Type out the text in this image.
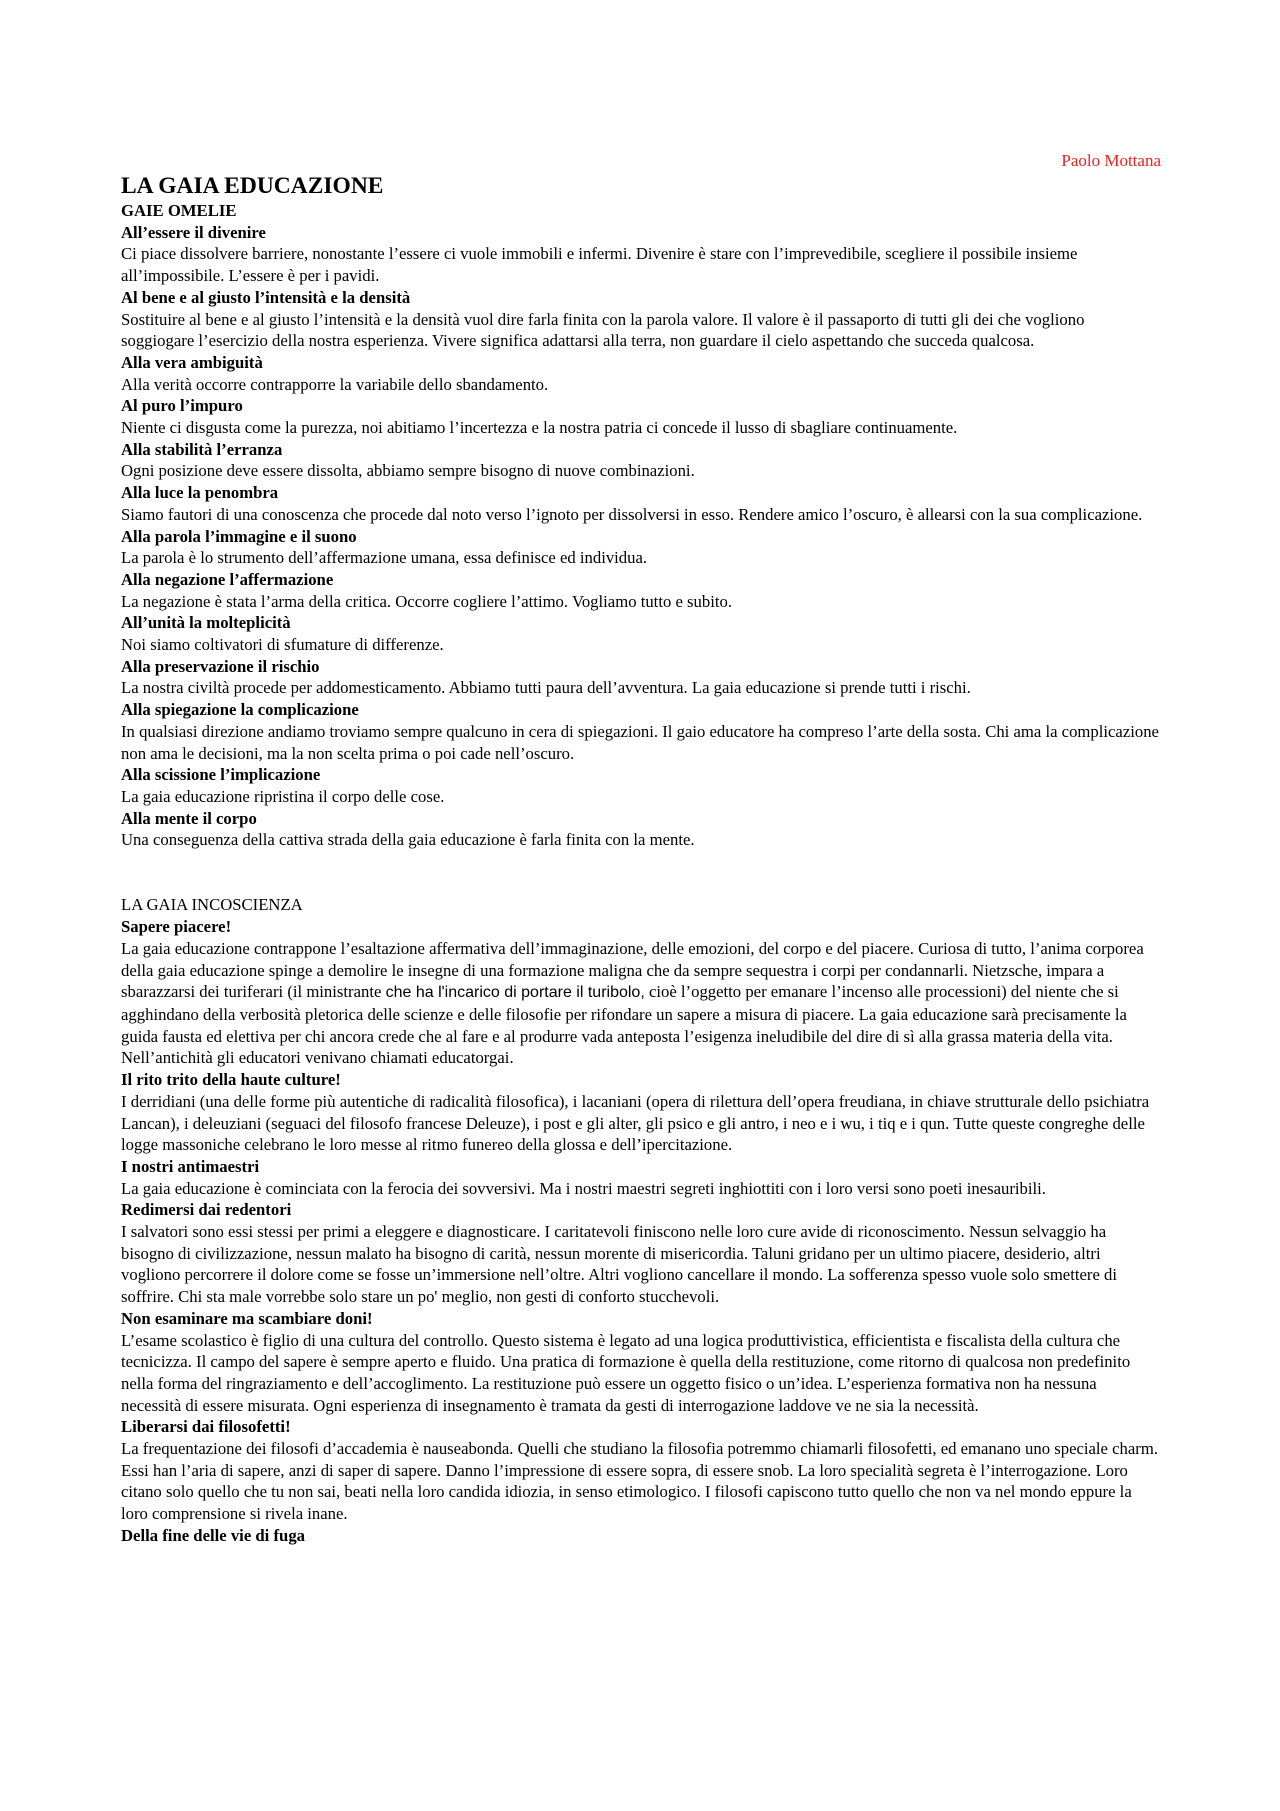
Paolo Mottana
LA GAIA EDUCAZIONE
GAIE OMELIE
All’essere il divenire

Ci piace dissolvere barriere, nonostante l’essere ci vuole immobili e infermi. Divenire è stare con l’imprevedibile, scegliere il possibile insieme all’impossibile. L’essere è per i pavidi.

Al bene e al giusto l’intensità e la densità

Sostituire al bene e al giusto l’intensità e la densità vuol dire farla finita con la parola valore. Il valore è il passaporto di tutti gli dei che vogliono soggiogare l’esercizio della nostra esperienza. Vivere significa adattarsi alla terra, non guardare il cielo aspettando che succeda qualcosa.

Alla vera ambiguità

Alla verità occorre contrapporre la variabile dello sbandamento.

Al puro l’impuro

Niente ci disgusta come la purezza, noi abitiamo l’incertezza e la nostra patria ci concede il lusso di sbagliare continuamente.

Alla stabilità l’erranza

Ogni posizione deve essere dissolta, abbiamo sempre bisogno di nuove combinazioni.

Alla luce la penombra

Siamo fautori di una conoscenza che procede dal noto verso l’ignoto per dissolversi in esso. Rendere amico l’oscuro, è allearsi con la sua complicazione.

Alla parola l’immagine e il suono

La parola è lo strumento dell’affermazione umana, essa definisce ed individua.

Alla negazione l’affermazione

La negazione è stata l’arma della critica. Occorre cogliere l’attimo. Vogliamo tutto e subito.

All’unità la molteplicità

Noi siamo coltivatori di sfumature di differenze.

Alla preservazione il rischio

La nostra civiltà procede per addomesticamento. Abbiamo tutti paura dell’avventura. La gaia educazione si prende tutti i rischi.

Alla spiegazione la complicazione

In qualsiasi direzione andiamo troviamo sempre qualcuno in cera di spiegazioni. Il gaio educatore ha compreso l’arte della sosta. Chi ama la complicazione non ama le decisioni, ma la non scelta prima o poi cade nell’oscuro.

Alla scissione l’implicazione

La gaia educazione ripristina il corpo delle cose.

Alla mente il corpo

Una conseguenza della cattiva strada della gaia educazione è farla finita con la mente.

LA GAIA INCOSCIENZA
Sapere piacere!

La gaia educazione contrappone l’esaltazione affermativa dell’immaginazione, delle emozioni, del corpo e del piacere. Curiosa di tutto, l’anima corporea della gaia educazione spinge a demolire le insegne di una formazione maligna che da sempre sequestra i corpi per condannarli. Nietzsche, impara a sbarazzarsi dei turiferari (il ministrante che ha l'incarico di portare il turibolo, cioè l’oggetto per emanare l’incenso alle processioni) del niente che si agghindano della verbosità pletorica delle scienze e delle filosofie per rifondare un sapere a misura di piacere. La gaia educazione sarà precisamente la guida fausta ed elettiva per chi ancora crede che al fare e al produrre vada anteposta l’esigenza ineludibile del dire di sì alla grassa materia della vita. Nell’antichità gli educatori venivano chiamati educatorgai.

Il rito trito della haute culture!

I derridiani (una delle forme più autentiche di radicalità filosofica), i lacaniani (opera di rilettura dell’opera freudiana, in chiave strutturale dello psichiatra Lancan), i deleuziani (seguaci del filosofo francese Deleuze), i post e gli alter, gli psico e gli antro, i neo e i wu, i tiq e i qun. Tutte queste congreghe delle logge massoniche celebrano le loro messe al ritmo funereo della glossa e dell’ipercitazione.

I nostri antimaestri

La gaia educazione è cominciata con la ferocia dei sovversivi. Ma i nostri maestri segreti inghiottiti con i loro versi sono poeti inesauribili.

Redimersi dai redentori

I salvatori sono essi stessi per primi a eleggere e diagnosticare. I caritatevoli finiscono nelle loro cure avide di riconoscimento. Nessun selvaggio ha bisogno di civilizzazione, nessun malato ha bisogno di carità, nessun morente di misericordia. Taluni gridano per un ultimo piacere, desiderio, altri vogliono percorrere il dolore come se fosse un’immersione nell’oltre. Altri vogliono cancellare il mondo. La sofferenza spesso vuole solo smettere di soffrire. Chi sta male vorrebbe solo stare un po' meglio, non gesti di conforto stucchevoli.

Non esaminare ma scambiare doni!

L’esame scolastico è figlio di una cultura del controllo. Questo sistema è legato ad una logica produttivistica, efficientista e fiscalista della cultura che tecnicizza. Il campo del sapere è sempre aperto e fluido. Una pratica di formazione è quella della restituzione, come ritorno di qualcosa non predefinito nella forma del ringraziamento e dell’accoglimento. La restituzione può essere un oggetto fisico o un’idea. L’esperienza formativa non ha nessuna necessità di essere misurata. Ogni esperienza di insegnamento è tramata da gesti di interrogazione laddove ve ne sia la necessità.

Liberarsi dai filosofetti!

La frequentazione dei filosofi d’accademia è nauseabonda. Quelli che studiano la filosofia potremmo chiamarli filosofetti, ed emanano uno speciale charm. Essi han l’aria di sapere, anzi di saper di sapere. Danno l’impressione di essere sopra, di essere snob. La loro specialità segreta è l’interrogazione. Loro citano solo quello che tu non sai, beati nella loro candida idiozia, in senso etimologico. I filosofi capiscono tutto quello che non va nel mondo eppure la loro comprensione si rivela inane.

Della fine delle vie di fuga
